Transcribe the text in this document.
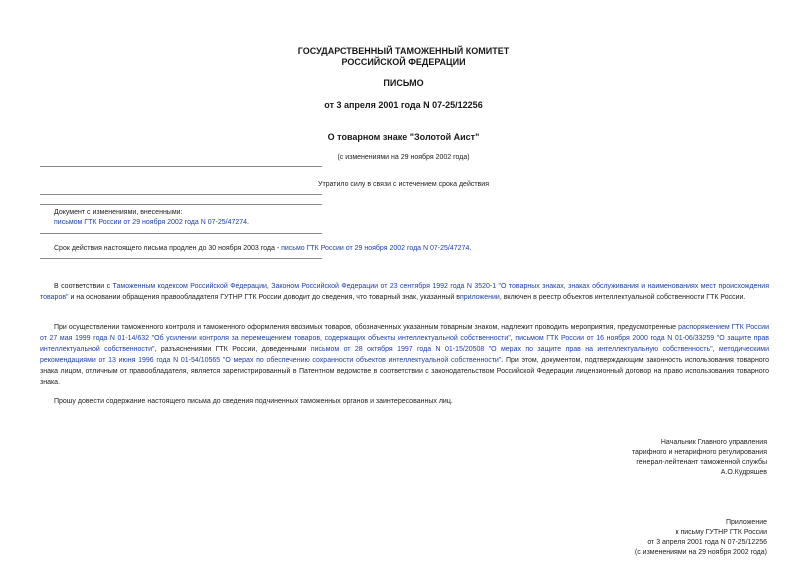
ГОСУДАРСТВЕННЫЙ ТАМОЖЕННЫЙ КОМИТЕТ
РОССИЙСКОЙ ФЕДЕРАЦИИ
ПИСЬМО
от 3 апреля 2001 года N 07-25/12256
О товарном знаке "Золотой Аист"
(с изменениями на 29 ноября 2002 года)
Утратило силу в связи с истечением срока действия
Документ с изменениями, внесенными:
письмом ГТК России от 29 ноября 2002 года N 07-25/47274.
Срок действия настоящего письма продлен до 30 ноября 2003 года - письмо ГТК России от 29 ноября 2002 года N 07-25/47274.
В соответствии с Таможенным кодексом Российской Федерации, Законом Российской Федерации от 23 сентября 1992 года N 3520-1 "О товарных знаках, знаках обслуживания и наименованиях мест происхождения товаров" и на основании обращения правообладателя ГУТНР ГТК России доводит до сведения, что товарный знак, указанный вприложении, включен в реестр объектов интеллектуальной собственности ГТК России.
При осуществлении таможенного контроля и таможенного оформления ввозимых товаров, обозначенных указанным товарным знаком, надлежит проводить мероприятия, предусмотренные распоряжением ГТК России от 27 мая 1999 года N 01-14/632 "Об усилении контроля за перемещением товаров, содержащих объекты интеллектуальной собственности", письмом ГТК России от 16 ноября 2000 года N 01-06/33259 "О защите прав интеллектуальной собственности", разъяснениями ГТК России, доведенными письмом от 28 октября 1997 года N 01-15/20508 "О мерах по защите прав на интеллектуальную собственность", методическими рекомендациями от 13 июня 1996 года N 01-54/10565 "О мерах по обеспечению сохранности объектов интеллектуальной собственности". При этом, документом, подтверждающим законность использования товарного знака лицом, отличным от правообладателя, является зарегистрированный в Патентном ведомстве в соответствии с законодательством Российской Федерации лицензионный договор на право использования товарного знака.
Прошу довести содержание настоящего письма до сведения подчиненных таможенных органов и заинтересованных лиц.
Начальник Главного управления
тарифного и нетарифного регулирования
генерал-лейтенант таможенной службы
А.О.Кудряшев
Приложение
к письму ГУТНР ГТК России
от 3 апреля 2001 года N 07-25/12256
(с изменениями на 29 ноября 2002 года)
